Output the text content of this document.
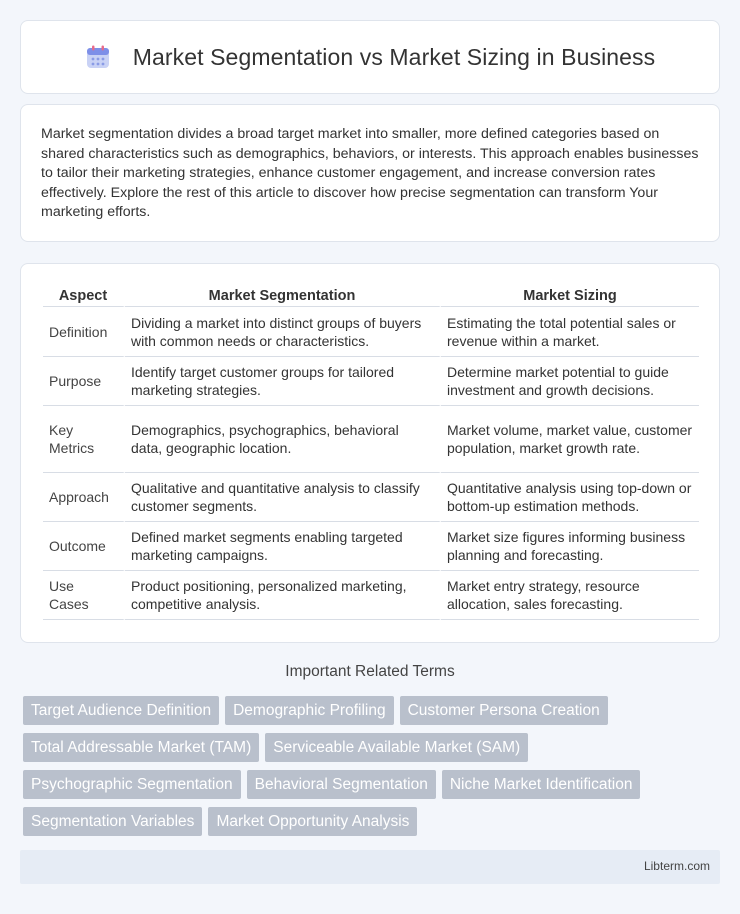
Market Segmentation vs Market Sizing in Business

Market segmentation divides a broad target market into smaller, more defined categories based on shared characteristics such as demographics, behaviors, or interests. This approach enables businesses to tailor their marketing strategies, enhance customer engagement, and increase conversion rates effectively. Explore the rest of this article to discover how precise segmentation can transform Your marketing efforts.

Aspect	Market Segmentation	Market Sizing
Definition	Dividing a market into distinct groups of buyers with common needs or characteristics.	Estimating the total potential sales or revenue within a market.
Purpose	Identify target customer groups for tailored marketing strategies.	Determine market potential to guide investment and growth decisions.
Key Metrics	Demographics, psychographics, behavioral data, geographic location.	Market volume, market value, customer population, market growth rate.
Approach	Qualitative and quantitative analysis to classify customer segments.	Quantitative analysis using top-down or bottom-up estimation methods.
Outcome	Defined market segments enabling targeted marketing campaigns.	Market size figures informing business planning and forecasting.
Use Cases	Product positioning, personalized marketing, competitive analysis.	Market entry strategy, resource allocation, sales forecasting.
Important Related Terms
Target Audience Definition Demographic Profiling Customer Persona Creation
Total Addressable Market (TAM) Serviceable Available Market (SAM)
Psychographic Segmentation Behavioral Segmentation Niche Market Identification
Segmentation Variables Market Opportunity Analysis
Libterm.com
